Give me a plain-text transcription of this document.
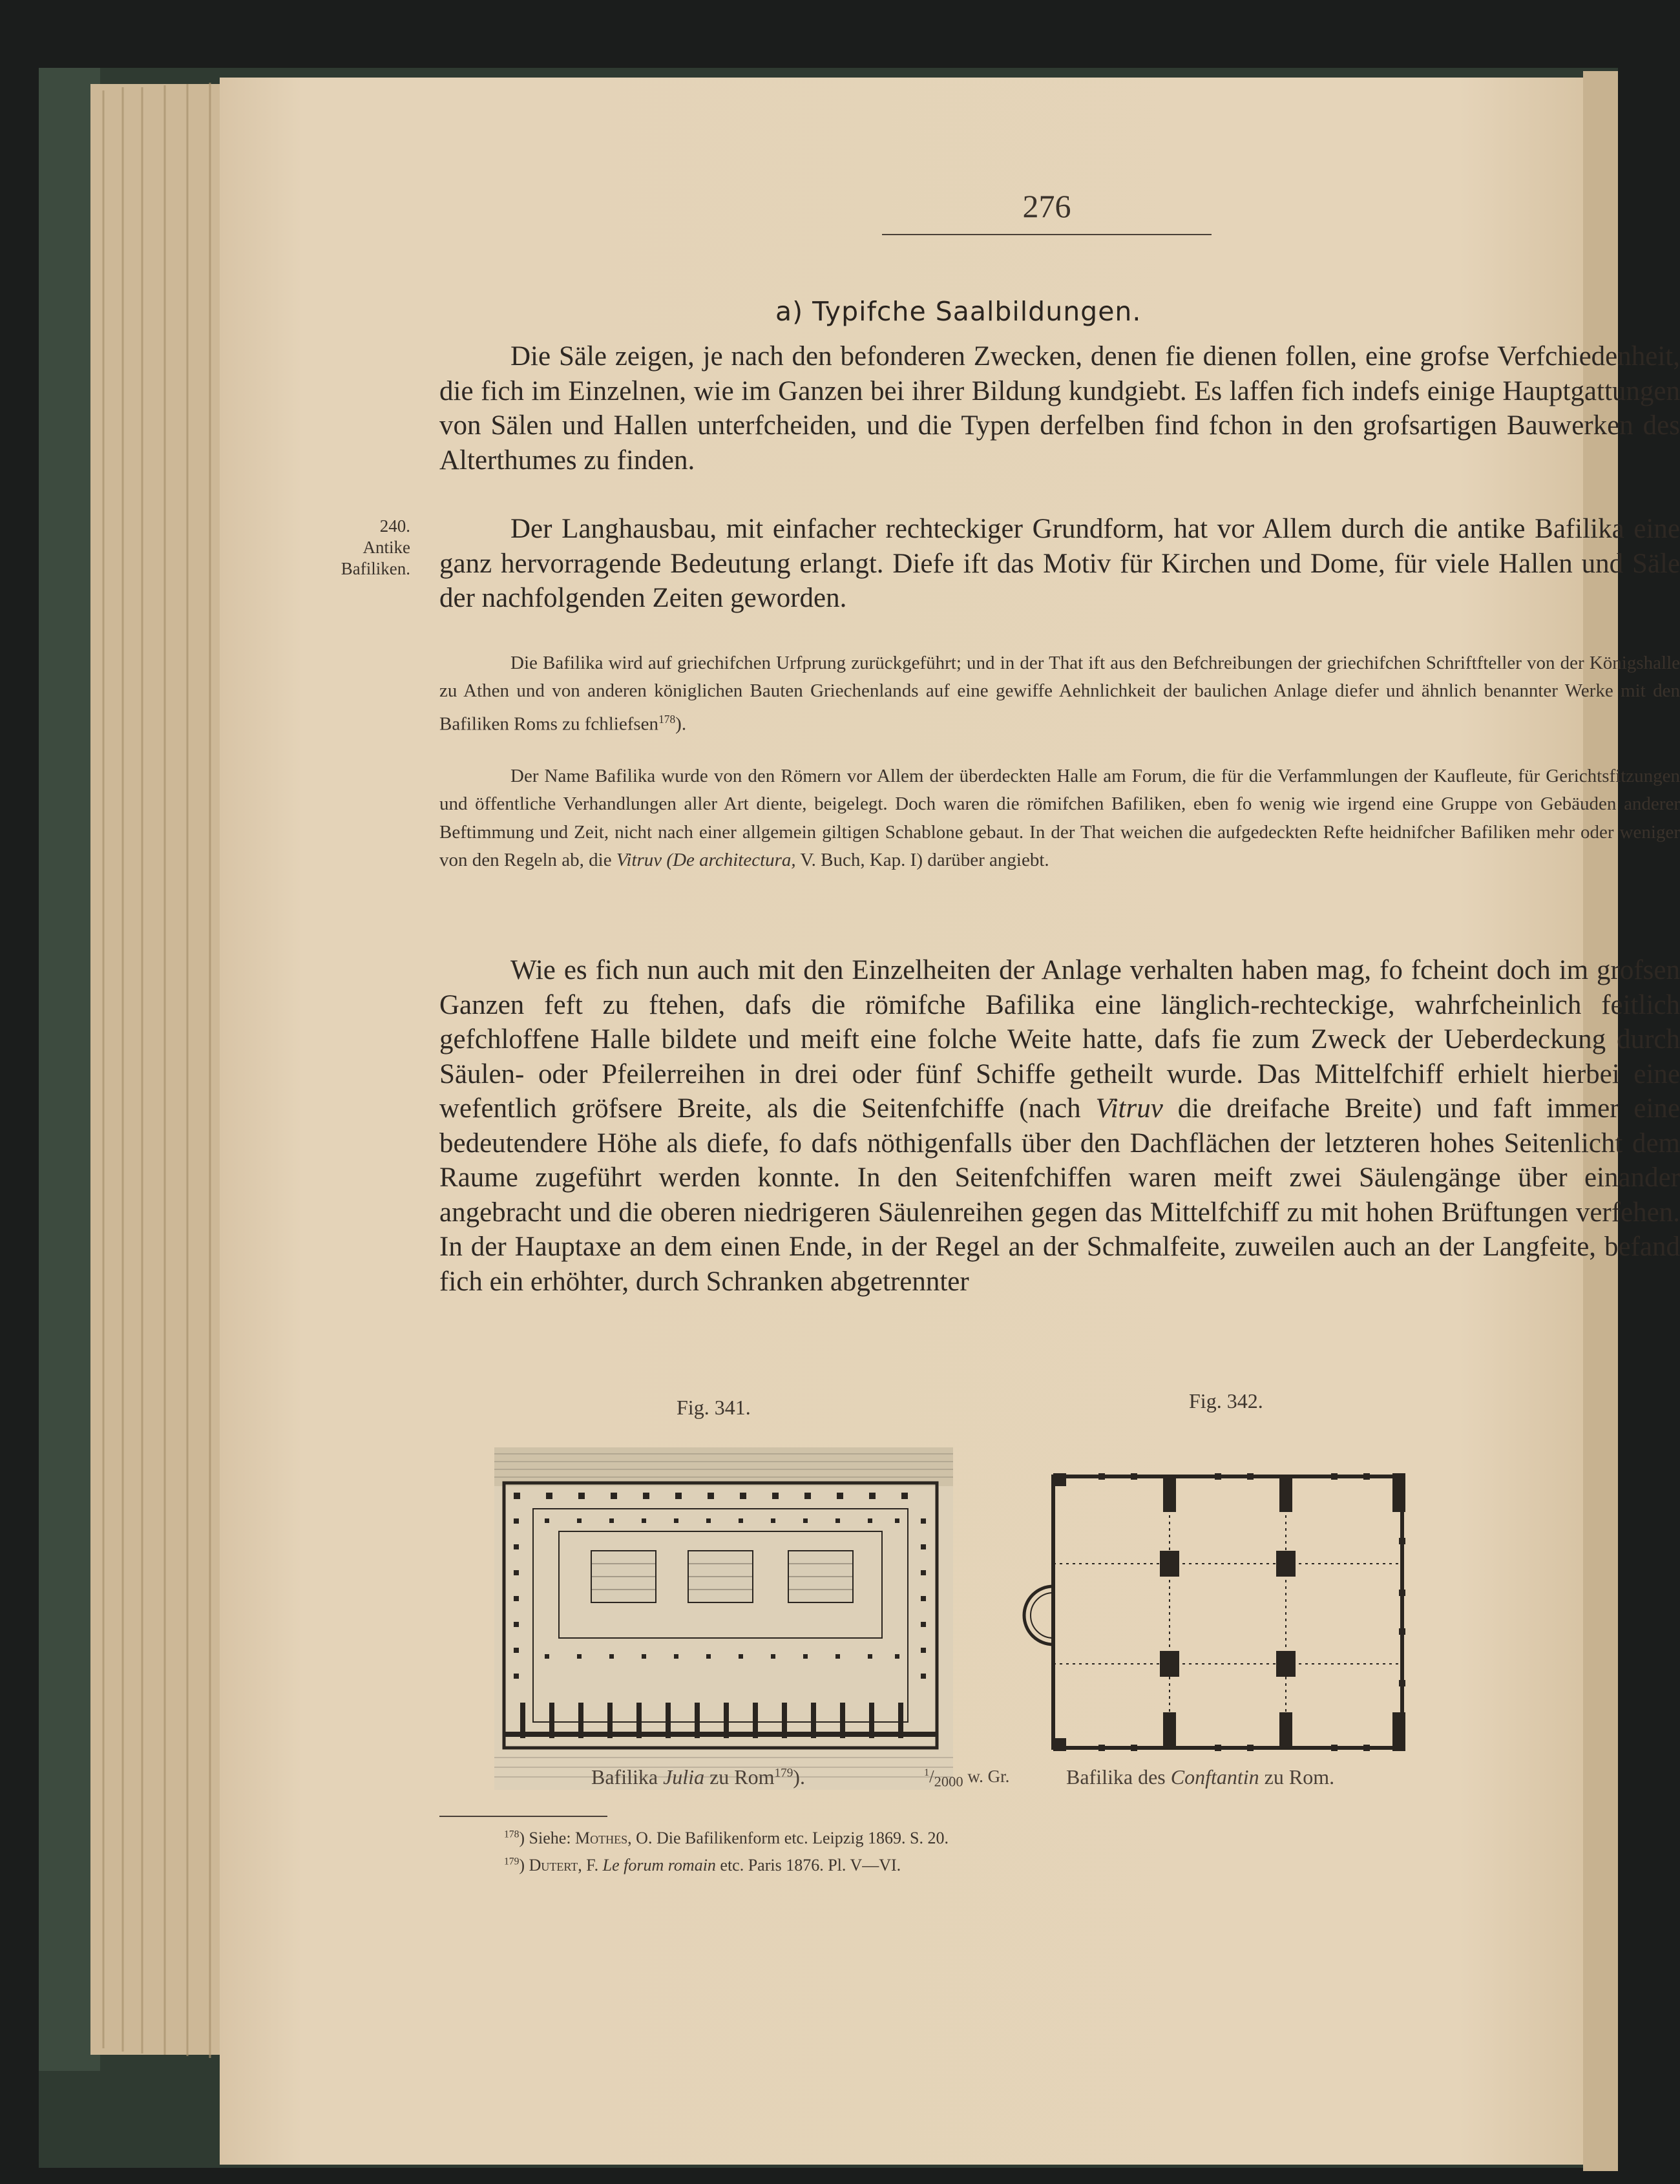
276
a) Typifche Saalbildungen.
240.
Antike
Bafiliken.

Die Säle zeigen, je nach den befonderen Zwecken, denen fie dienen follen, eine grofse Verfchiedenheit, die fich im Einzelnen, wie im Ganzen bei ihrer Bildung kundgiebt. Es laffen fich indefs einige Hauptgattungen von Sälen und Hallen unterfcheiden, und die Typen derfelben find fchon in den grofsartigen Bauwerken des Alterthumes zu finden.

Der Langhausbau, mit einfacher rechteckiger Grundform, hat vor Allem durch die antike Bafilika eine ganz hervorragende Bedeutung erlangt. Diefe ift das Motiv für Kirchen und Dome, für viele Hallen und Säle der nachfolgenden Zeiten geworden.

Die Bafilika wird auf griechifchen Urfprung zurückgeführt; und in der That ift aus den Befchreibungen der griechifchen Schriftfteller von der Königshalle zu Athen und von anderen königlichen Bauten Griechenlands auf eine gewiffe Aehnlichkeit der baulichen Anlage diefer und ähnlich benannter Werke mit den Bafiliken Roms zu fchliefsen$^{178}$).

Der Name Bafilika wurde von den Römern vor Allem der überdeckten Halle am Forum, die für die Verfammlungen der Kaufleute, für Gerichtsfitzungen und öffentliche Verhandlungen aller Art diente, beigelegt. Doch waren die römifchen Bafiliken, eben fo wenig wie irgend eine Gruppe von Gebäuden anderer Beftimmung und Zeit, nicht nach einer allgemein giltigen Schablone gebaut. In der That weichen die aufgedeckten Refte heidnifcher Bafiliken mehr oder weniger von den Regeln ab, die Vitruv (De architectura, V. Buch, Kap. I) darüber angiebt.

Wie es fich nun auch mit den Einzelheiten der Anlage verhalten haben mag, fo fcheint doch im grofsen Ganzen feft zu ftehen, dafs die römifche Bafilika eine länglich-rechteckige, wahrfcheinlich feitlich gefchloffene Halle bildete und meift eine folche Weite hatte, dafs fie zum Zweck der Ueberdeckung durch Säulen- oder Pfeilerreihen in drei oder fünf Schiffe getheilt wurde. Das Mittelfchiff erhielt hierbei eine wefentlich gröfsere Breite, als die Seitenfchiffe (nach Vitruv die dreifache Breite) und faft immer eine bedeutendere Höhe als diefe, fo dafs nöthigenfalls über den Dachflächen der letzteren hohes Seitenlicht dem Raume zugeführt werden konnte. In den Seitenfchiffen waren meift zwei Säulengänge über einander angebracht und die oberen niedrigeren Säulenreihen gegen das Mittelfchiff zu mit hohen Brüftungen verfehen. In der Hauptaxe an dem einen Ende, in der Regel an der Schmalfeite, zuweilen auch an der Langfeite, befand fich ein erhöhter, durch Schranken abgetrennter

Fig. 341.	Fig. 342.
Bafilika Julia zu Rom$^{179}$).	$^1/_{2000}$ w. Gr.	Bafilika des Conftantin zu Rom.
$^{178}$) Siehe: Mothes, O. Die Bafilikenform etc. Leipzig 1869. S. 20.
$^{179}$) Dutert, F. Le forum romain etc. Paris 1876. Pl. V—VI.
